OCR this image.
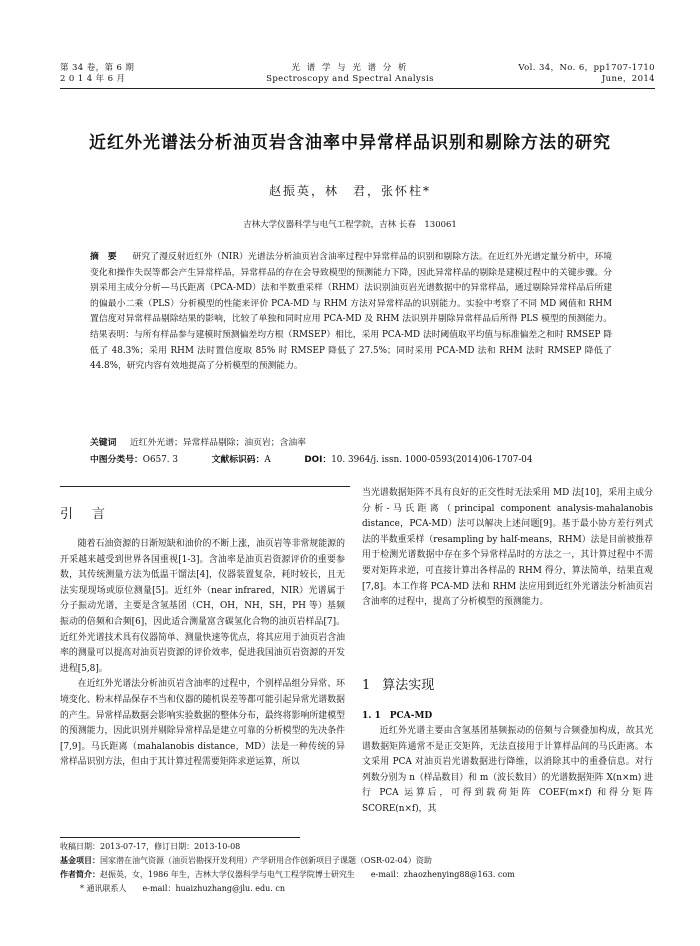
第 34 卷，第 6 期
2 0 1 4 年 6 月
光 谱 学 与 光 谱 分 析
Spectroscopy and Spectral Analysis
Vol. 34，No. 6，pp1707-1710
June，2014
近红外光谱法分析油页岩含油率中异常样品识别和剔除方法的研究
赵振英，林　君，张怀柱*
吉林大学仪器科学与电气工程学院，吉林 长春　130061
摘　要 研究了漫反射近红外（NIR）光谱法分析油页岩含油率过程中异常样品的识别和剔除方法。在近红外光谱定量分析中，环境变化和操作失误等都会产生异常样品，异常样品的存在会导致模型的预测能力下降，因此异常样品的剔除是建模过程中的关键步骤。分别采用主成分分析—马氏距离（PCA-MD）法和半数重采样（RHM）法识别油页岩光谱数据中的异常样品，通过剔除异常样品后所建的偏最小二乘（PLS）分析模型的性能来评价 PCA-MD 与 RHM 方法对异常样品的识别能力。实验中考察了不同 MD 阈值和 RHM 置信度对异常样品剔除结果的影响，比较了单独和同时应用 PCA-MD 及 RHM 法识别并剔除异常样品后所得 PLS 模型的预测能力。结果表明：与所有样品参与建模时预测偏差均方根（RMSEP）相比，采用 PCA-MD 法时阈值取平均值与标准偏差之和时 RMSEP 降低了 48.3%；采用 RHM 法时置信度取 85% 时 RMSEP 降低了 27.5%；同时采用 PCA-MD 法和 RHM 法时 RMSEP 降低了 44.8%，研究内容有效地提高了分析模型的预测能力。
关键词 近红外光谱；异常样品剔除；油页岩；含油率
中图分类号：O657. 3	文献标识码：A	DOI：10. 3964/j. issn. 1000-0593(2014)06-1707-04
引　言

随着石油资源的日渐短缺和油价的不断上涨，油页岩等非常规能源的开采越来越受到世界各国重视[1-3]。含油率是油页岩资源评价的重要参数，其传统测量方法为低温干馏法[4]，仪器装置复杂，耗时较长，且无法实现现场或原位测量[5]。近红外（near infrared，NIR）光谱属于分子振动光谱，主要是含氢基团（CH，OH，NH，SH，PH 等）基频振动的倍频和合频[6]，因此适合测量富含碳氢化合物的油页岩样品[7]。近红外光谱技术具有仪器简单、测量快速等优点，将其应用于油页岩含油率的测量可以提高对油页岩资源的评价效率，促进我国油页岩资源的开发进程[5,8]。

在近红外光谱法分析油页岩含油率的过程中，个别样品组分异常、环境变化、粉末样品保存不当和仪器的随机误差等都可能引起异常光谱数据的产生。异常样品数据会影响实验数据的整体分布，最终将影响所建模型的预测能力，因此识别并剔除异常样品是建立可靠的分析模型的先决条件[7,9]。马氏距离（mahalanobis distance，MD）法是一种传统的异常样品识别方法，但由于其计算过程需要矩阵求逆运算，所以

当光谱数据矩阵不具有良好的正交性时无法采用 MD 法[10]，采用主成分分析-马氏距离（principal component analysis-mahalanobis distance，PCA-MD）法可以解决上述问题[9]。基于最小协方差行列式法的半数重采样（resampling by half-means，RHM）法是目前被推荐用于检测光谱数据中存在多个异常样品时的方法之一，其计算过程中不需要对矩阵求逆，可直接计算出各样品的 RHM 得分，算法简单，结果直观[7,8]。本工作将 PCA-MD 法和 RHM 法应用到近红外光谱法分析油页岩含油率的过程中，提高了分析模型的预测能力。

1 算法实现
1. 1　PCA-MD

近红外光谱主要由含氢基团基频振动的倍频与合频叠加构成，故其光谱数据矩阵通常不是正交矩阵，无法直接用于计算样品间的马氏距离。本文采用 PCA 对油页岩光谱数据进行降维，以消除其中的重叠信息。对行列数分别为 n（样品数目）和 m（波长数目）的光谱数据矩阵 X(n×m) 进行 PCA 运算后，可得到载荷矩阵 COEF(m×f) 和得分矩阵 SCORE(n×f)，其

收稿日期：2013-07-17，修订日期：2013-10-08
基金项目：国家潜在油气资源（油页岩勘探开发利用）产学研用合作创新项目子课题（OSR-02-04）资助
作者简介：赵振英，女，1986 年生，吉林大学仪器科学与电气工程学院博士研究生　　e-mail：zhaozhenying88@163. com
* 通讯联系人　　e-mail：huaizhuzhang@jlu. edu. cn
